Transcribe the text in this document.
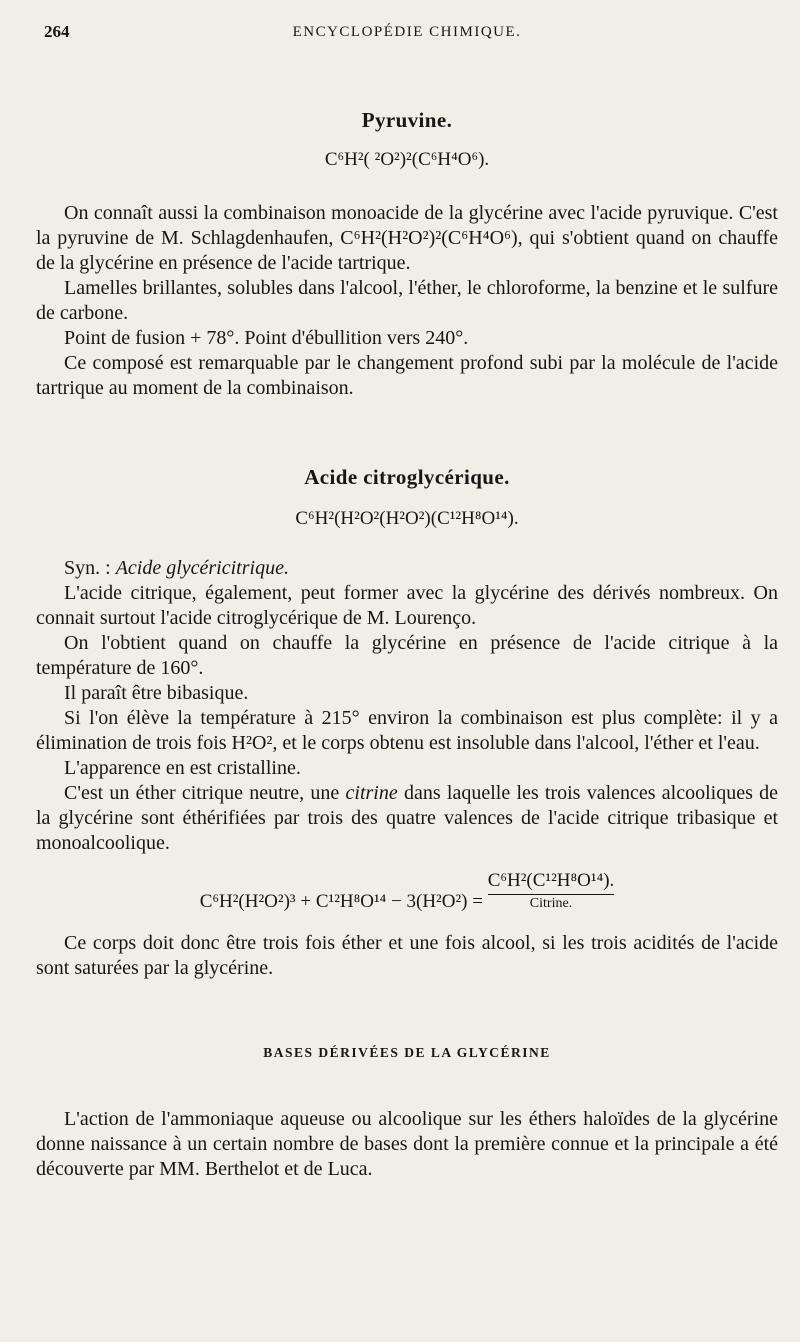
264	ENCYCLOPÉDIE CHIMIQUE.
Pyruvine.
C⁶H²( ²O²)²(C⁶H⁴O⁶).

On connaît aussi la combinaison monoacide de la glycérine avec l'acide pyruvique. C'est la pyruvine de M. Schlagdenhaufen, C⁶H²(H²O²)²(C⁶H⁴O⁶), qui s'obtient quand on chauffe de la glycérine en présence de l'acide tartrique.

Lamelles brillantes, solubles dans l'alcool, l'éther, le chloroforme, la benzine et le sulfure de carbone.

Point de fusion + 78°. Point d'ébullition vers 240°.

Ce composé est remarquable par le changement profond subi par la molécule de l'acide tartrique au moment de la combinaison.

Acide citroglycérique.
C⁶H²(H²O²(H²O²)(C¹²H⁸O¹⁴).

Syn. : Acide glycéricitrique.

L'acide citrique, également, peut former avec la glycérine des dérivés nombreux. On connait surtout l'acide citroglycérique de M. Lourenço.

On l'obtient quand on chauffe la glycérine en présence de l'acide citrique à la température de 160°.

Il paraît être bibasique.

Si l'on élève la température à 215° environ la combinaison est plus complète: il y a élimination de trois fois H²O², et le corps obtenu est insoluble dans l'alcool, l'éther et l'eau.

L'apparence en est cristalline.

C'est un éther citrique neutre, une citrine dans laquelle les trois valences alcooliques de la glycérine sont éthérifiées par trois des quatre valences de l'acide citrique tribasique et monoalcoolique.

C⁶H²(H²O²)³ + C¹²H⁸O¹⁴ − 3(H²O²) = C⁶H²(C¹²H⁸O¹⁴).
Citrine.

Ce corps doit donc être trois fois éther et une fois alcool, si les trois acidités de l'acide sont saturées par la glycérine.

BASES DÉRIVÉES DE LA GLYCÉRINE

L'action de l'ammoniaque aqueuse ou alcoolique sur les éthers haloïdes de la glycérine donne naissance à un certain nombre de bases dont la première connue et la principale a été découverte par MM. Berthelot et de Luca.
